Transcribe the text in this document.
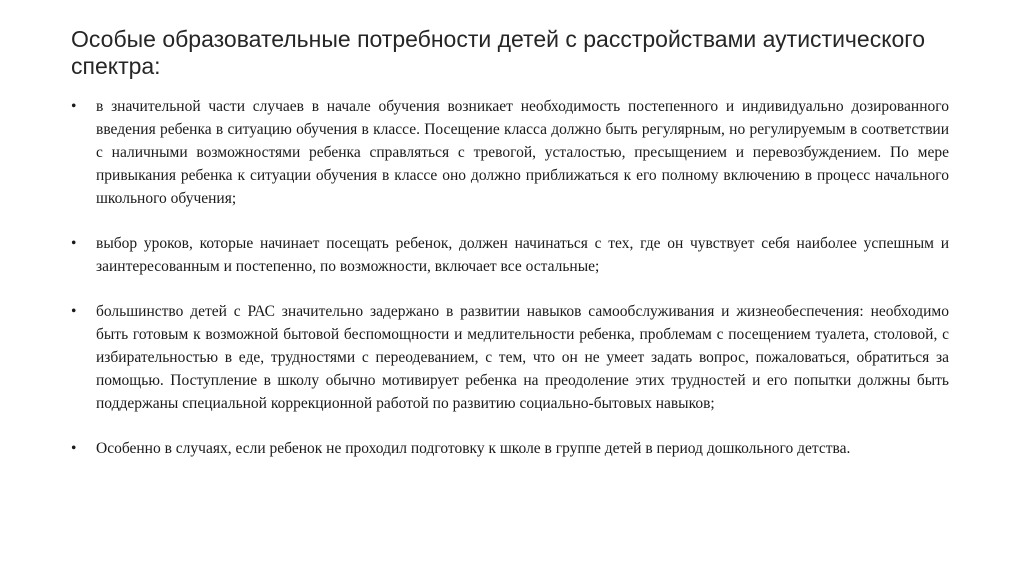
Особые образовательные потребности детей с расстройствами аутистического спектра:
• в значительной части случаев в начале обучения возникает необходимость постепенного и индивидуально дозированного введения ребенка в ситуацию обучения в классе. Посещение класса должно быть регулярным, но регулируемым в соответствии с наличными возможностями ребенка справляться с тревогой, усталостью, пресыщением и перевозбуждением. По мере привыкания ребенка к ситуации обучения в классе оно должно приближаться к его полному включению в процесс начального школьного обучения;
• выбор уроков, которые начинает посещать ребенок, должен начинаться с тех, где он чувствует себя наиболее успешным и заинтересованным и постепенно, по возможности, включает все остальные;
• большинство детей с РАС значительно задержано в развитии навыков самообслуживания и жизнеобеспечения: необходимо быть готовым к возможной бытовой беспомощности и медлительности ребенка, проблемам с посещением туалета, столовой, с избирательностью в еде, трудностями с переодеванием, с тем, что он не умеет задать вопрос, пожаловаться, обратиться за помощью. Поступление в школу обычно мотивирует ребенка на преодоление этих трудностей и его попытки должны быть поддержаны специальной коррекционной работой по развитию социально-бытовых навыков;
• Особенно в случаях, если ребенок не проходил подготовку к школе в группе детей в период дошкольного детства.
